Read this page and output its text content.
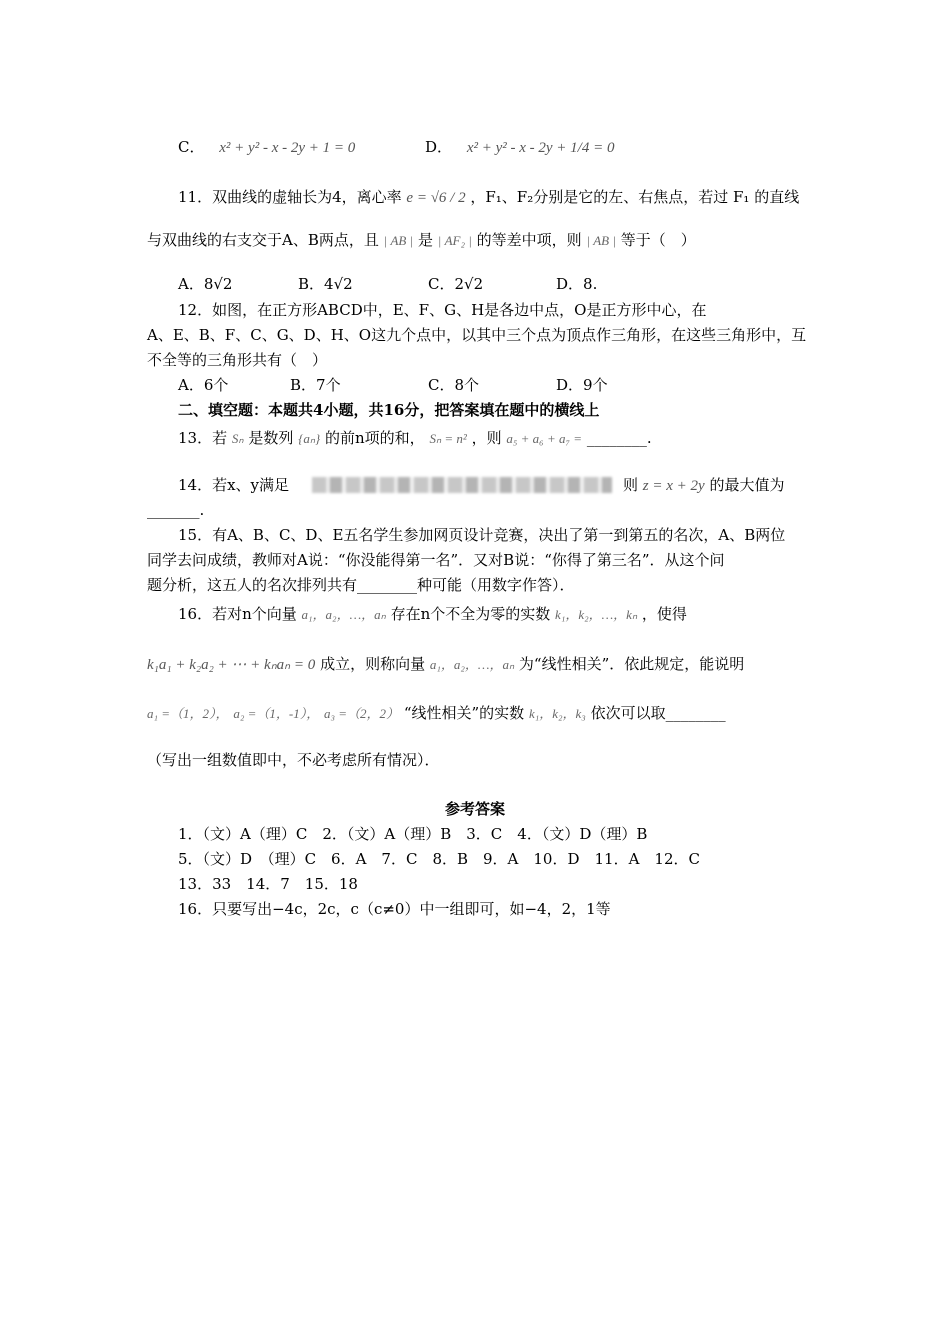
C． x² + y² - x - 2y + 1 = 0	D． x² + y² - x - 2y + 1/4 = 0
11．双曲线的虚轴长为4，离心率 e = √6 / 2 ，F₁、F₂分别是它的左、右焦点，若过 F₁ 的直线
与双曲线的右支交于A、B两点，且 | AB | 是 | AF₂ | 的等差中项，则 | AB | 等于（　）
A．8√2	B．4√2	C．2√2	D．8.
12．如图，在正方形ABCD中，E、F、G、H是各边中点，O是正方形中心，在
A、E、B、F、C、G、D、H、O这九个点中，以其中三个点为顶点作三角形，在这些三角形中，互
不全等的三角形共有（　）
A．6个	B．7个	C．8个	D．9个
二、填空题：本题共4小题，共16分，把答案填在题中的横线上
13．若 Sₙ 是数列 {aₙ} 的前n项的和， Sₙ = n² ，则 a₅ + a₆ + a₇ = ________.
14．若x、y满足	则 z = x + 2y 的最大值为
_______.
15．有A、B、C、D、E五名学生参加网页设计竞赛，决出了第一到第五的名次，A、B两位
同学去问成绩，教师对A说：“你没能得第一名”．又对B说：“你得了第三名”．从这个问
题分析，这五人的名次排列共有________种可能（用数字作答）．
16．若对n个向量 a₁，a₂，…，aₙ 存在n个不全为零的实数 k₁，k₂，…，kₙ ，使得
k₁a₁ + k₂a₂ + ⋯ + kₙaₙ = 0 成立，则称向量 a₁，a₂，…，aₙ 为“线性相关”．依此规定，能说明
a₁ =（1，2）， a₂ =（1，-1）， a₃ =（2，2） “线性相关”的实数 k₁，k₂，k₃ 依次可以取________
（写出一组数值即中，不必考虑所有情况）．
参考答案
1．（文）A（理）C　2．（文）A（理）B　3．C　4．（文）D（理）B
5．（文）D　（理）C　6．A　7．C　8．B　9．A　10．D　11．A　12．C
13．33　14．7　15．18
16．只要写出−4c，2c，c（c≠0）中一组即可，如−4，2，1等
